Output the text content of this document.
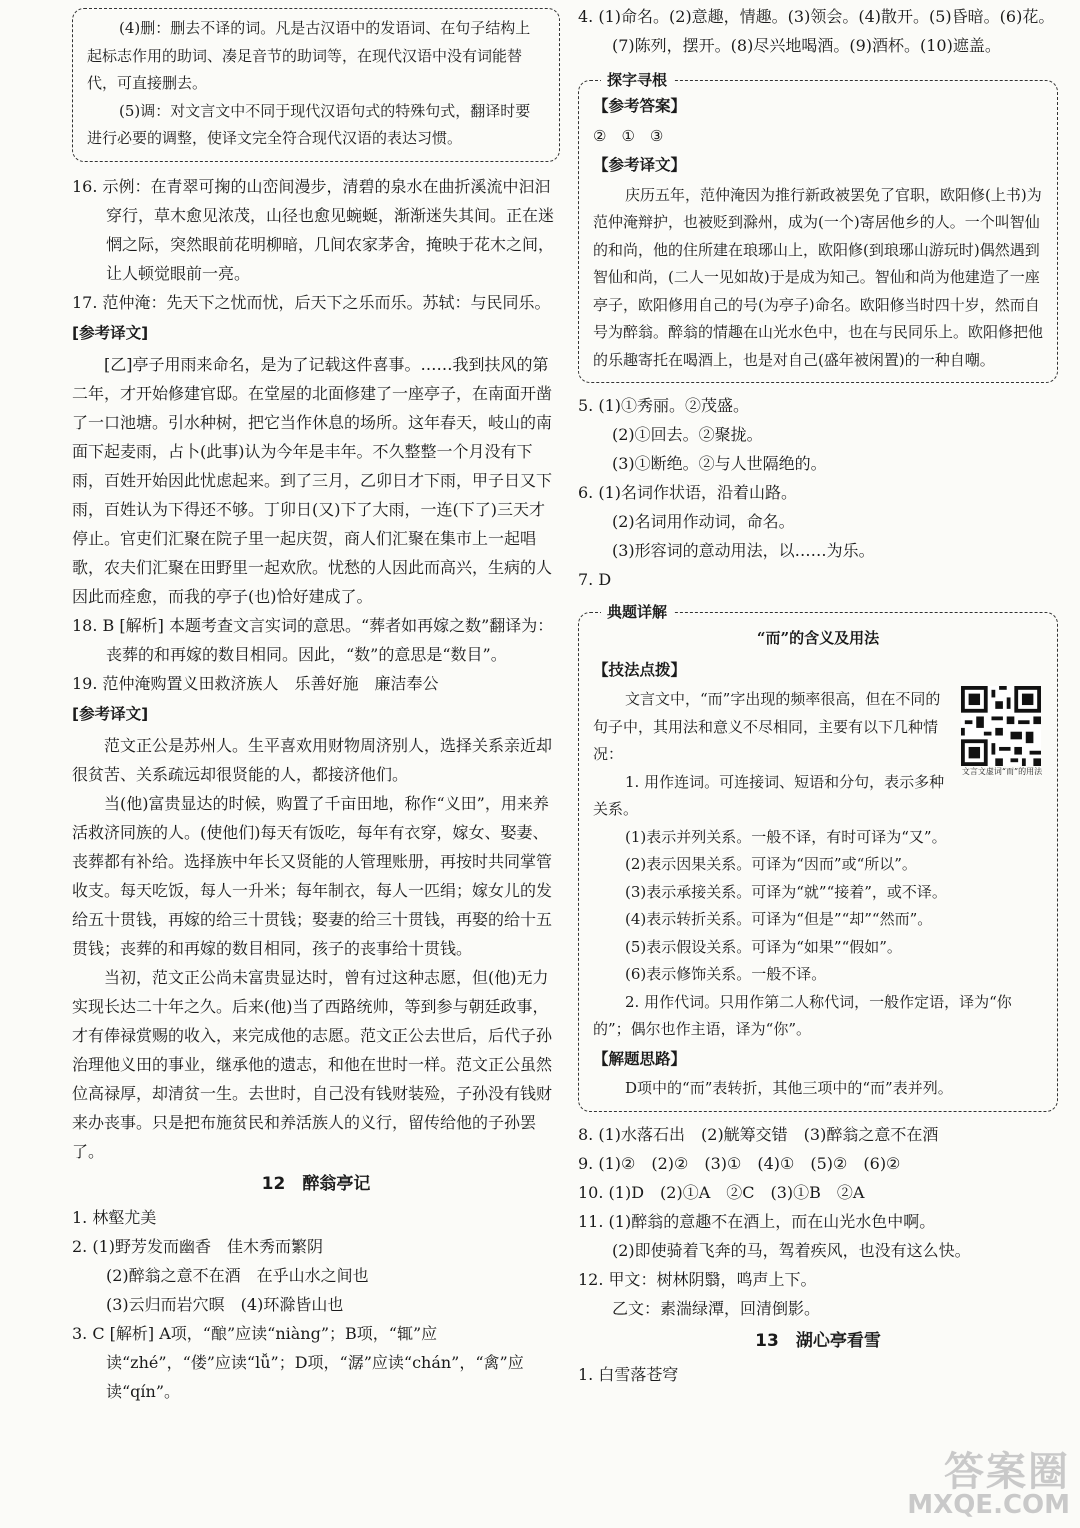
(4)删：删去不译的词。凡是古汉语中的发语词、在句子结构上起标志作用的助词、凑足音节的助词等，在现代汉语中没有词能替代，可直接删去。

(5)调：对文言文中不同于现代汉语句式的特殊句式，翻译时要进行必要的调整，使译文完全符合现代汉语的表达习惯。

16. 示例：在青翠可掬的山峦间漫步，清碧的泉水在曲折溪流中汩汩穿行，草木愈见浓茂，山径也愈见蜿蜒，渐渐迷失其间。正在迷惘之际，突然眼前花明柳暗，几间农家茅舍，掩映于花木之间，让人顿觉眼前一亮。

17. 范仲淹：先天下之忧而忧，后天下之乐而乐。苏轼：与民同乐。

[参考译文]

[乙]亭子用雨来命名，是为了记载这件喜事。……我到扶风的第二年，才开始修建官邸。在堂屋的北面修建了一座亭子，在南面开凿了一口池塘。引水种树，把它当作休息的场所。这年春天，岐山的南面下起麦雨，占卜(此事)认为今年是丰年。不久整整一个月没有下雨，百姓开始因此忧虑起来。到了三月，乙卯日才下雨，甲子日又下雨，百姓认为下得还不够。丁卯日(又)下了大雨，一连(下了)三天才停止。官吏们汇聚在院子里一起庆贺，商人们汇聚在集市上一起唱歌，农夫们汇聚在田野里一起欢欣。忧愁的人因此而高兴，生病的人因此而痊愈，而我的亭子(也)恰好建成了。

18. B [解析] 本题考查文言实词的意思。“葬者如再嫁之数”翻译为：丧葬的和再嫁的数目相同。因此，“数”的意思是“数目”。

19. 范仲淹购置义田救济族人　乐善好施　廉洁奉公

[参考译文]

范文正公是苏州人。生平喜欢用财物周济别人，选择关系亲近却很贫苦、关系疏远却很贤能的人，都接济他们。

当(他)富贵显达的时候，购置了千亩田地，称作“义田”，用来养活救济同族的人。(使他们)每天有饭吃，每年有衣穿，嫁女、娶妻、丧葬都有补给。选择族中年长又贤能的人管理账册，再按时共同掌管收支。每天吃饭，每人一升米；每年制衣，每人一匹绢；嫁女儿的发给五十贯钱，再嫁的给三十贯钱；娶妻的给三十贯钱，再娶的给十五贯钱；丧葬的和再嫁的数目相同，孩子的丧事给十贯钱。

当初，范文正公尚未富贵显达时，曾有过这种志愿，但(他)无力实现长达二十年之久。后来(他)当了西路统帅，等到参与朝廷政事，才有俸禄赏赐的收入，来完成他的志愿。范文正公去世后，后代子孙治理他义田的事业，继承他的遗志，和他在世时一样。范文正公虽然位高禄厚，却清贫一生。去世时，自己没有钱财装殓，子孙没有钱财来办丧事。只是把布施贫民和养活族人的义行，留传给他的子孙罢了。

12　醉翁亭记

1. 林壑尤美

2. (1)野芳发而幽香　佳木秀而繁阴

(2)醉翁之意不在酒　在乎山水之间也

(3)云归而岩穴暝　(4)环滁皆山也

3. C [解析] A项，“酿”应读“niàng”；B项，“辄”应读“zhé”，“偻”应读“lǚ”；D项，“潺”应读“chán”，“禽”应读“qín”。

4. (1)命名。(2)意趣，情趣。(3)领会。(4)散开。(5)昏暗。(6)花。(7)陈列，摆开。(8)尽兴地喝酒。(9)酒杯。(10)遮盖。

探字寻根

【参考答案】

②　①　③

【参考译文】

庆历五年，范仲淹因为推行新政被罢免了官职，欧阳修(上书)为范仲淹辩护，也被贬到滁州，成为(一个)寄居他乡的人。一个叫智仙的和尚，他的住所建在琅琊山上，欧阳修(到琅琊山游玩时)偶然遇到智仙和尚，(二人一见如故)于是成为知己。智仙和尚为他建造了一座亭子，欧阳修用自己的号(为亭子)命名。欧阳修当时四十岁，然而自号为醉翁。醉翁的情趣在山光水色中，也在与民同乐上。欧阳修把他的乐趣寄托在喝酒上，也是对自己(盛年被闲置)的一种自嘲。

5. (1)①秀丽。②茂盛。

(2)①回去。②聚拢。

(3)①断绝。②与人世隔绝的。

6. (1)名词作状语，沿着山路。

(2)名词用作动词，命名。

(3)形容词的意动用法，以……为乐。

7. D

典题详解

“而”的含义及用法

【技法点拨】

文言文虚词“而”的用法

文言文中，“而”字出现的频率很高，但在不同的句子中，其用法和意义不尽相同，主要有以下几种情况：

1. 用作连词。可连接词、短语和分句，表示多种关系。

(1)表示并列关系。一般不译，有时可译为“又”。

(2)表示因果关系。可译为“因而”或“所以”。

(3)表示承接关系。可译为“就”“接着”，或不译。

(4)表示转折关系。可译为“但是”“却”“然而”。

(5)表示假设关系。可译为“如果”“假如”。

(6)表示修饰关系。一般不译。

2. 用作代词。只用作第二人称代词，一般作定语，译为“你的”；偶尔也作主语，译为“你”。

【解题思路】

D项中的“而”表转折，其他三项中的“而”表并列。

8. (1)水落石出　(2)觥筹交错　(3)醉翁之意不在酒

9. (1)②　(2)②　(3)①　(4)①　(5)②　(6)②

10. (1)D　(2)①A　②C　(3)①B　②A

11. (1)醉翁的意趣不在酒上，而在山光水色中啊。

(2)即使骑着飞奔的马，驾着疾风，也没有这么快。

12. 甲文：树林阴翳，鸣声上下。

乙文：素湍绿潭，回清倒影。

13　湖心亭看雪

1. 白雪落苍穹

答案圈
MXQE.COM
